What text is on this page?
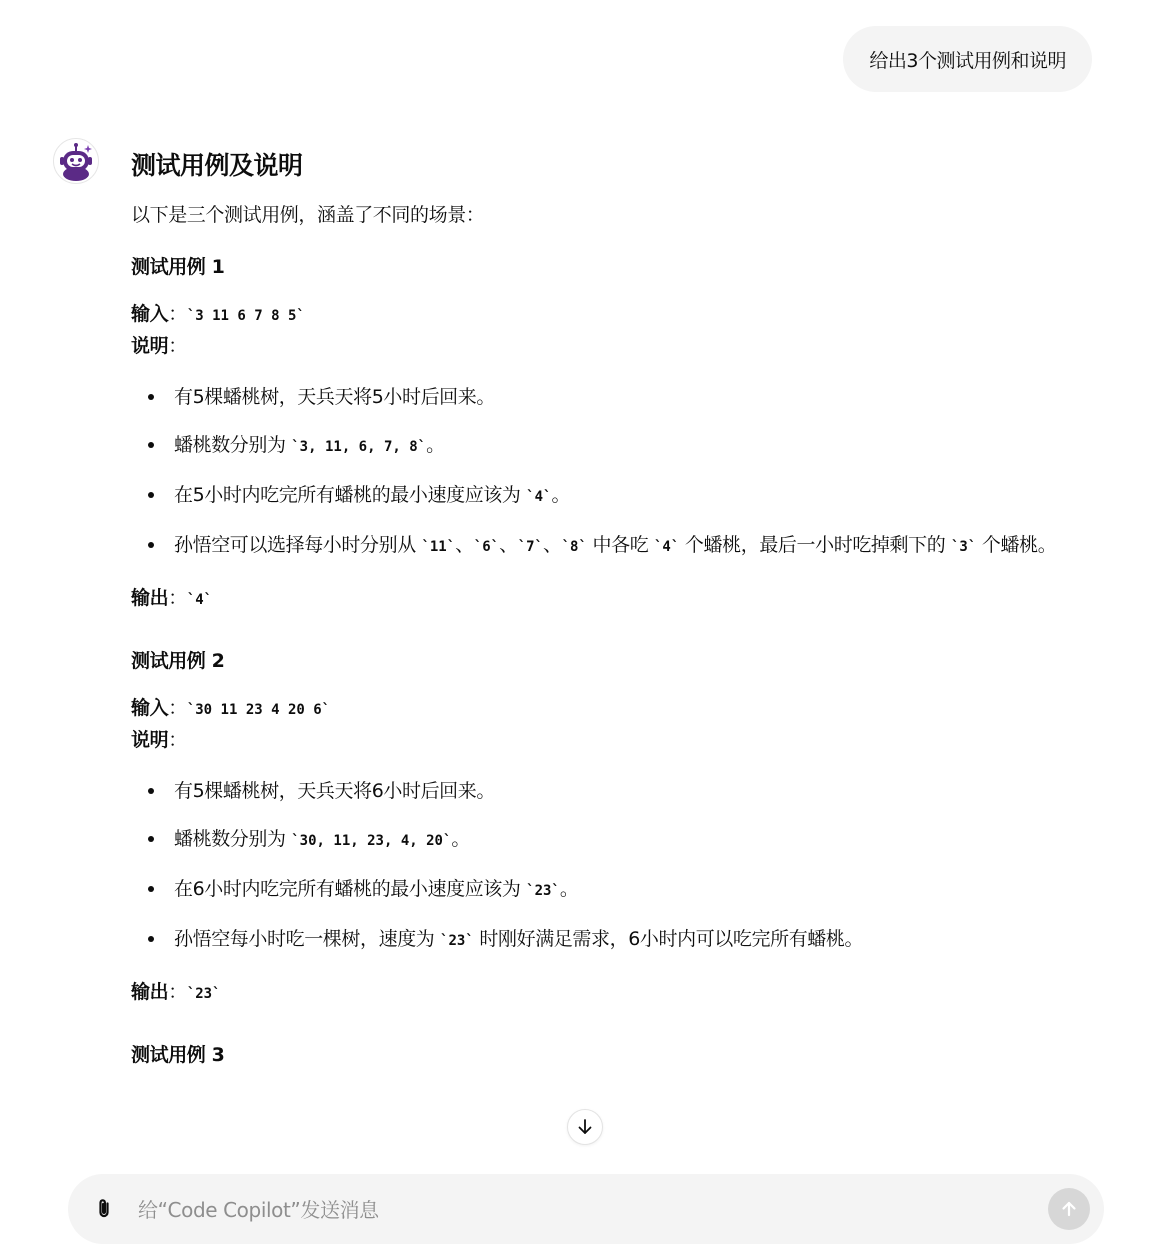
给出3个测试用例和说明
测试用例及说明

以下是三个测试用例，涵盖了不同的场景：

测试用例 1
输入：`3 11 6 7 8 5`
说明：
有5棵蟠桃树，天兵天将5小时后回来。
蟠桃数分别为 `3, 11, 6, 7, 8`。
在5小时内吃完所有蟠桃的最小速度应该为 `4`。
孙悟空可以选择每小时分别从 `11`、`6`、`7`、`8` 中各吃 `4` 个蟠桃，最后一小时吃掉剩下的 `3` 个蟠桃。
输出：`4`
测试用例 2
输入：`30 11 23 4 20 6`
说明：
有5棵蟠桃树，天兵天将6小时后回来。
蟠桃数分别为 `30, 11, 23, 4, 20`。
在6小时内吃完所有蟠桃的最小速度应该为 `23`。
孙悟空每小时吃一棵树，速度为 `23` 时刚好满足需求，6小时内可以吃完所有蟠桃。
输出：`23`
测试用例 3
给“Code Copilot”发送消息
